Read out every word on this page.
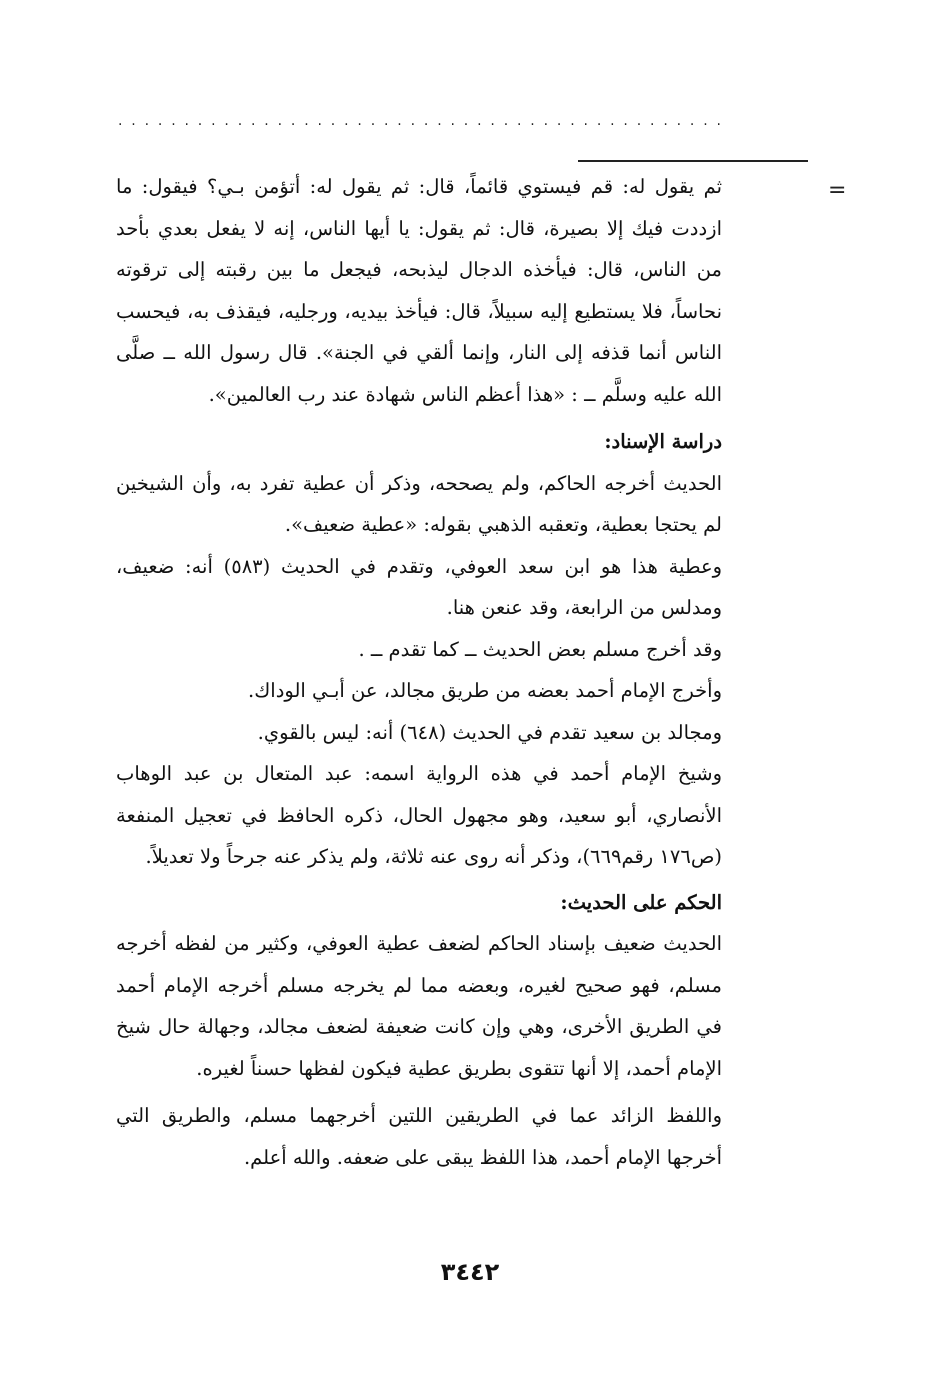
. . . . . . . . . . . . . . . . . . . . . . . . . . . . . . . . . . . . . . . . . . . . . .
=

ثم يقول له: قم فيستوي قائماً، قال: ثم يقول له: أتؤمن بـي؟ فيقول: ما ازددت فيك إلا بصيرة، قال: ثم يقول: يا أيها الناس، إنه لا يفعل بعدي بأحد من الناس، قال: فيأخذه الدجال ليذبحه، فيجعل ما بين رقبته إلى ترقوته نحاساً، فلا يستطيع إليه سبيلاً، قال: فيأخذ بيديه، ورجليه، فيقذف به، فيحسب الناس أنما قذفه إلى النار، وإنما ألقي في الجنة». قال رسول الله ــ صلَّى الله عليه وسلَّم ــ : «هذا أعظم الناس شهادة عند رب العالمين».

دراسة الإسناد:

الحديث أخرجه الحاكم، ولم يصححه، وذكر أن عطية تفرد به، وأن الشيخين لم يحتجا بعطية، وتعقبه الذهبي بقوله: «عطية ضعيف».

وعطية هذا هو ابن سعد العوفي، وتقدم في الحديث (٥٨٣) أنه: ضعيف، ومدلس من الرابعة، وقد عنعن هنا.

وقد أخرج مسلم بعض الحديث ــ كما تقدم ــ .

وأخرج الإمام أحمد بعضه من طريق مجالد، عن أبـي الوداك.

ومجالد بن سعيد تقدم في الحديث (٦٤٨) أنه: ليس بالقوي.

وشيخ الإمام أحمد في هذه الرواية اسمه: عبد المتعال بن عبد الوهاب الأنصاري، أبو سعيد، وهو مجهول الحال، ذكره الحافظ في تعجيل المنفعة (ص١٧٦ رقم٦٦٩)، وذكر أنه روى عنه ثلاثة، ولم يذكر عنه جرحاً ولا تعديلاً.

الحكم على الحديث:

الحديث ضعيف بإسناد الحاكم لضعف عطية العوفي، وكثير من لفظه أخرجه مسلم، فهو صحيح لغيره، وبعضه مما لم يخرجه مسلم أخرجه الإمام أحمد في الطريق الأخرى، وهي وإن كانت ضعيفة لضعف مجالد، وجهالة حال شيخ الإمام أحمد، إلا أنها تتقوى بطريق عطية فيكون لفظها حسناً لغيره.

واللفظ الزائد عما في الطريقين اللتين أخرجهما مسلم، والطريق التي أخرجها الإمام أحمد، هذا اللفظ يبقى على ضعفه. والله أعلم.

٣٤٤٢
